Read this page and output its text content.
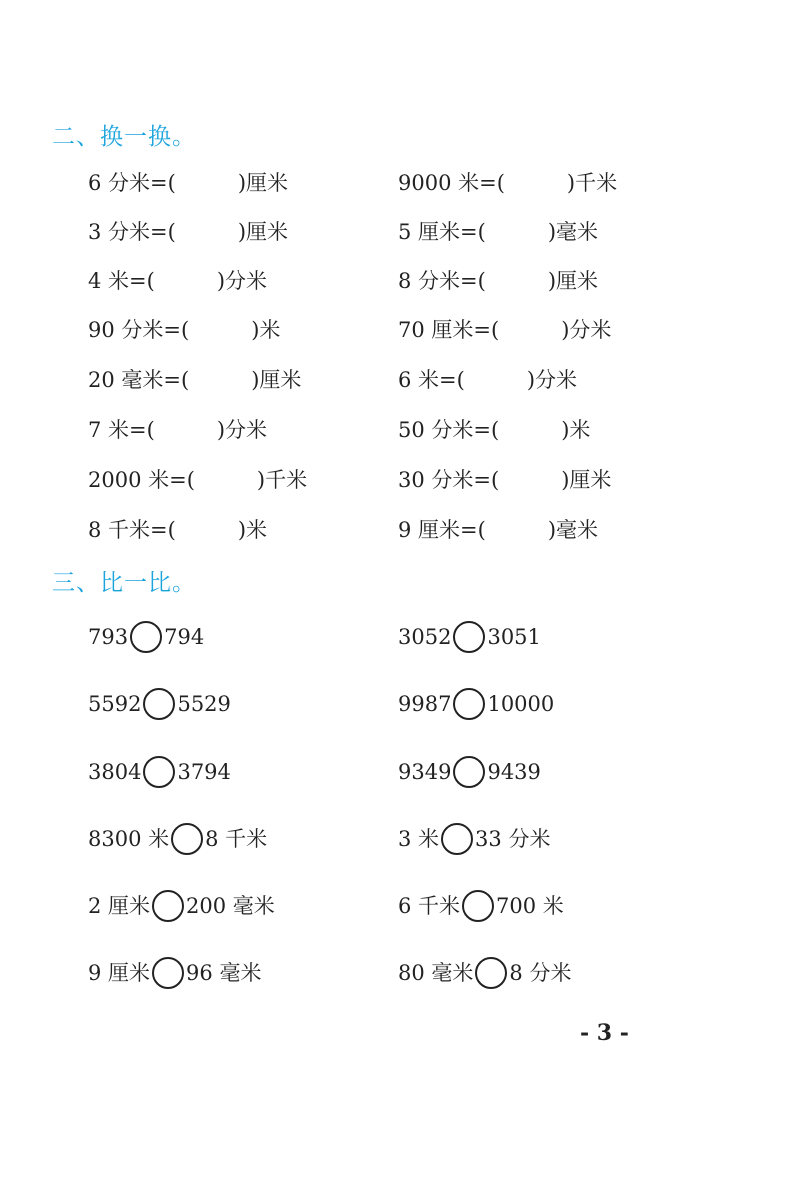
二、换一换。
6 分米=(	)厘米	9000 米=(	)千米
3 分米=(	)厘米	5 厘米=(	)毫米
4 米=(	)分米	8 分米=(	)厘米
90 分米=(	)米	70 厘米=(	)分米
20 毫米=(	)厘米	6 米=(	)分米
7 米=(	)分米	50 分米=(	)米
2000 米=(	)千米	30 分米=(	)厘米
8 千米=(	)米	9 厘米=(	)毫米
三、比一比。
793 794	3052 3051
5592 5529	9987 10000
3804 3794	9349 9439
8300 米 8 千米	3 米 33 分米
2 厘米 200 毫米	6 千米 700 米
9 厘米 96 毫米	80 毫米 8 分米
- 3 -
